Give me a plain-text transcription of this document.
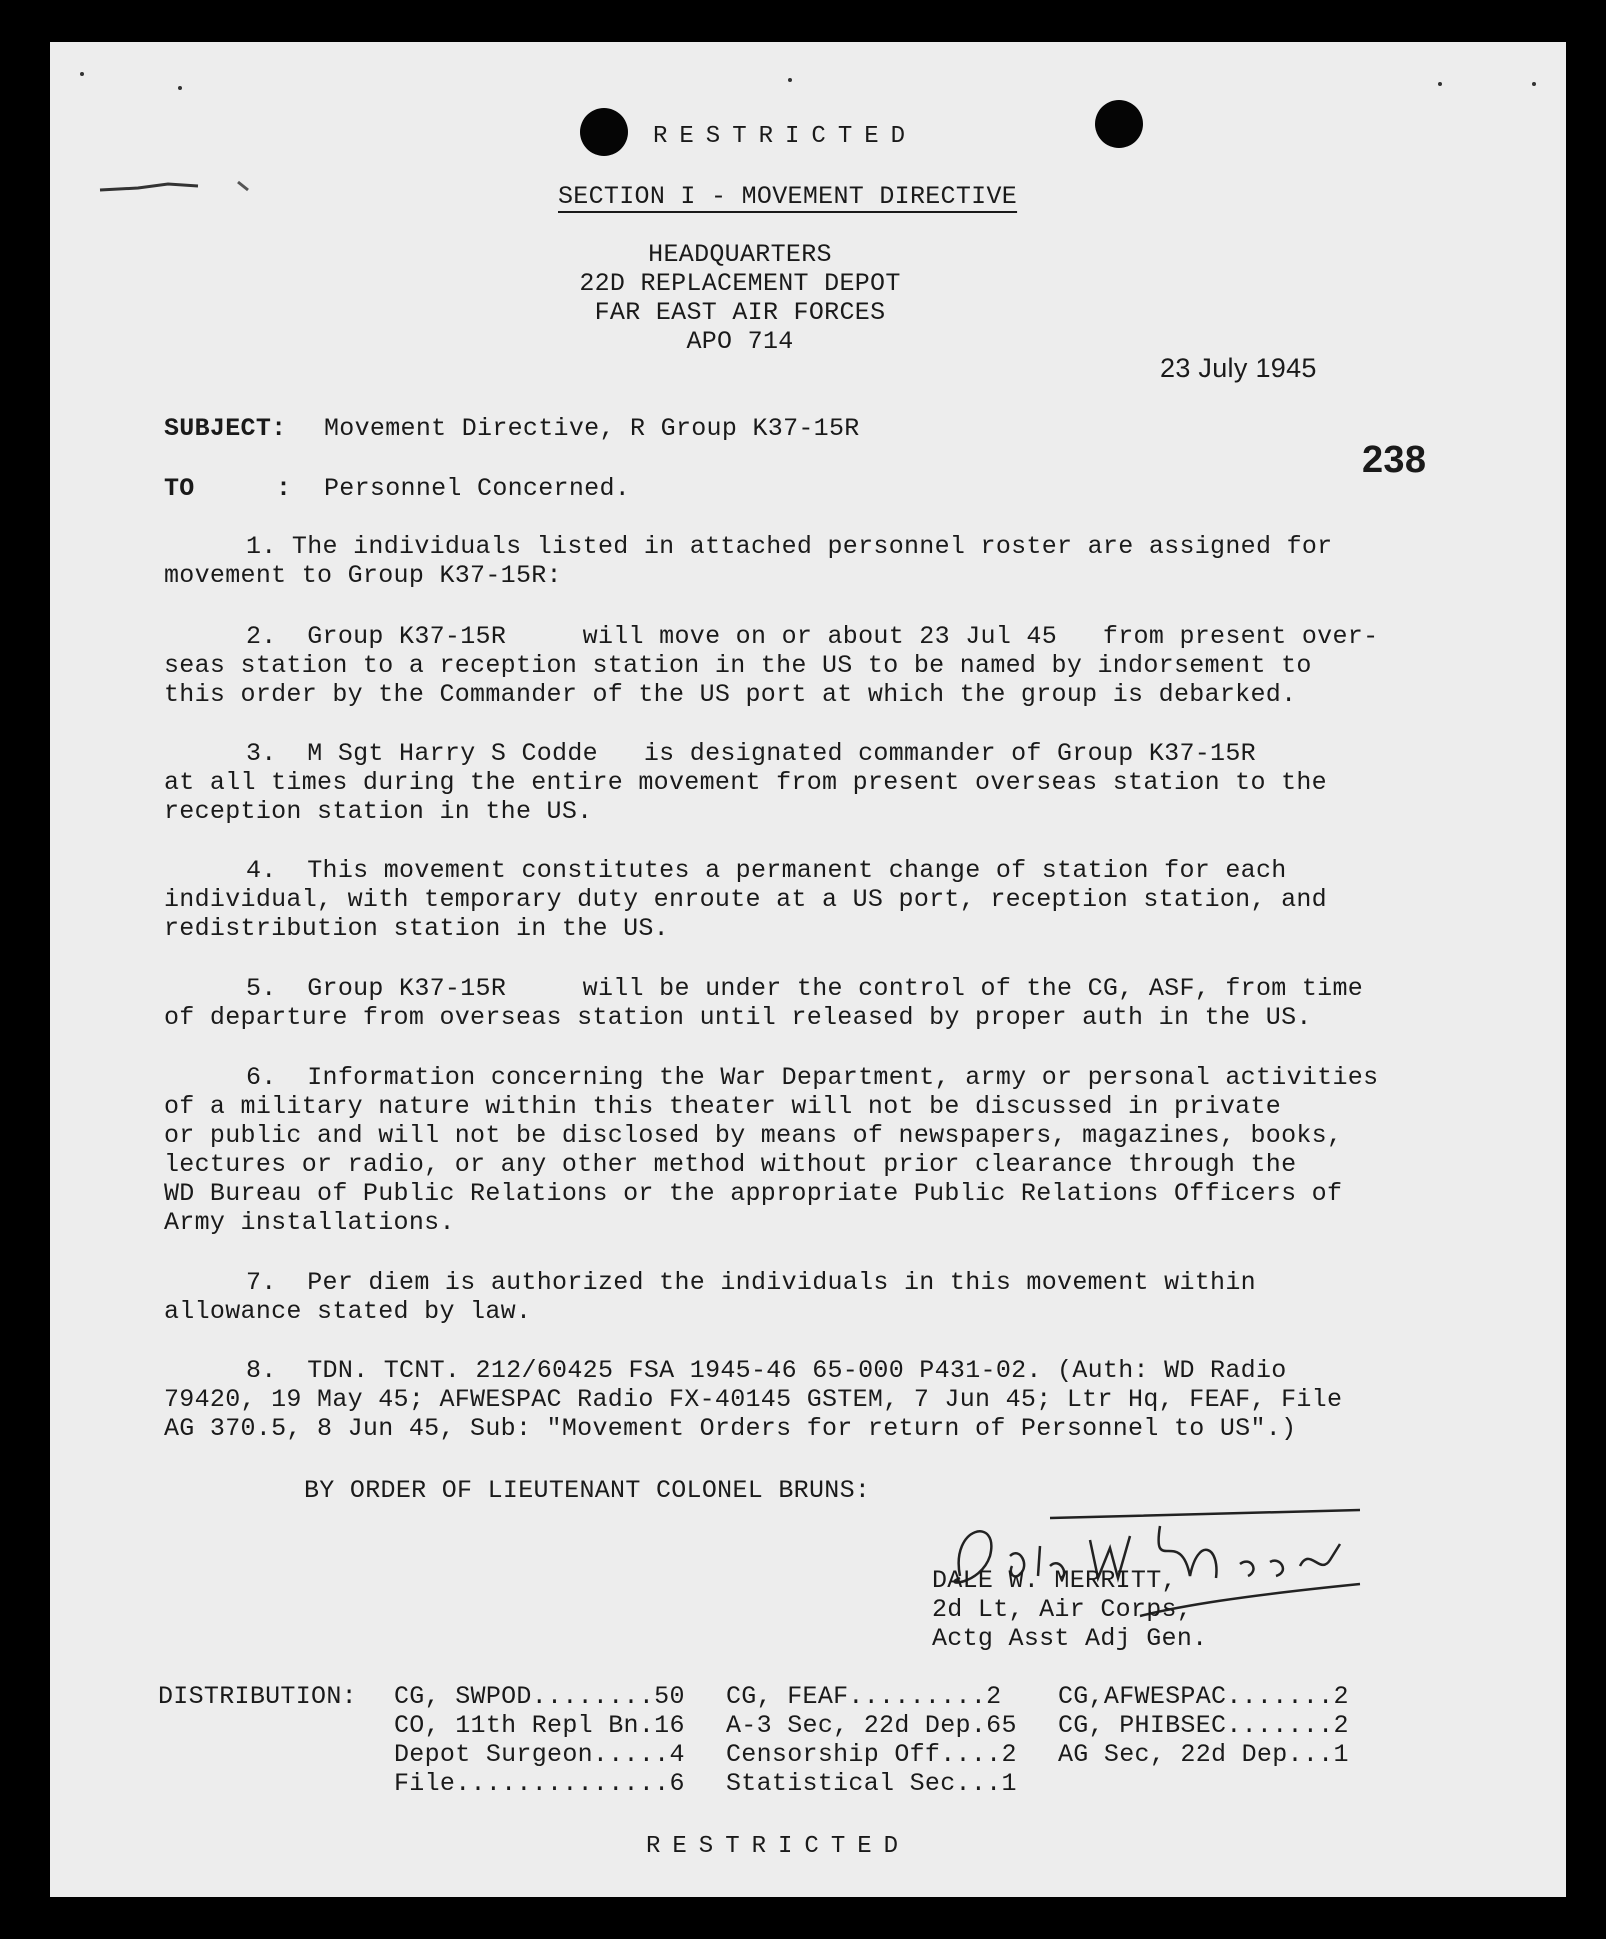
RESTRICTED
SECTION I - MOVEMENT DIRECTIVE
HEADQUARTERS
22D REPLACEMENT DEPOT
FAR EAST AIR FORCES
APO 714
23 July 1945
238
SUBJECT: Movement Directive, R Group K37-15R
TO	: Personnel Concerned.
1. The individuals listed in attached personnel roster are assigned for
movement to Group K37-15R:
2.  Group K37-15R     will move on or about 23 Jul 45   from present over-
seas station to a reception station in the US to be named by indorsement to
this order by the Commander of the US port at which the group is debarked.
3.  M Sgt Harry S Codde   is designated commander of Group K37-15R
at all times during the entire movement from present overseas station to the
reception station in the US.
4.  This movement constitutes a permanent change of station for each
individual, with temporary duty enroute at a US port, reception station, and
redistribution station in the US.
5.  Group K37-15R     will be under the control of the CG, ASF, from time
of departure from overseas station until released by proper auth in the US.
6.  Information concerning the War Department, army or personal activities
of a military nature within this theater will not be discussed in private
or public and will not be disclosed by means of newspapers, magazines, books,
lectures or radio, or any other method without prior clearance through the
WD Bureau of Public Relations or the appropriate Public Relations Officers of
Army installations.
7.  Per diem is authorized the individuals in this movement within
allowance stated by law.
8.  TDN. TCNT. 212/60425 FSA 1945-46 65-000 P431-02. (Auth: WD Radio
79420, 19 May 45; AFWESPAC Radio FX-40145 GSTEM, 7 Jun 45; Ltr Hq, FEAF, File
AG 370.5, 8 Jun 45, Sub: "Movement Orders for return of Personnel to US".)
BY ORDER OF LIEUTENANT COLONEL BRUNS:
DALE W. MERRITT,
2d Lt, Air Corps,
Actg Asst Adj Gen.
DISTRIBUTION: CG, SWPOD........50
CO, 11th Repl Bn.16
Depot Surgeon.....4
File..............6
CG, FEAF.........2
A-3 Sec, 22d Dep.65
Censorship Off....2
Statistical Sec...1
CG,AFWESPAC.......2
CG, PHIBSEC.......2
AG Sec, 22d Dep...1
RESTRICTED
